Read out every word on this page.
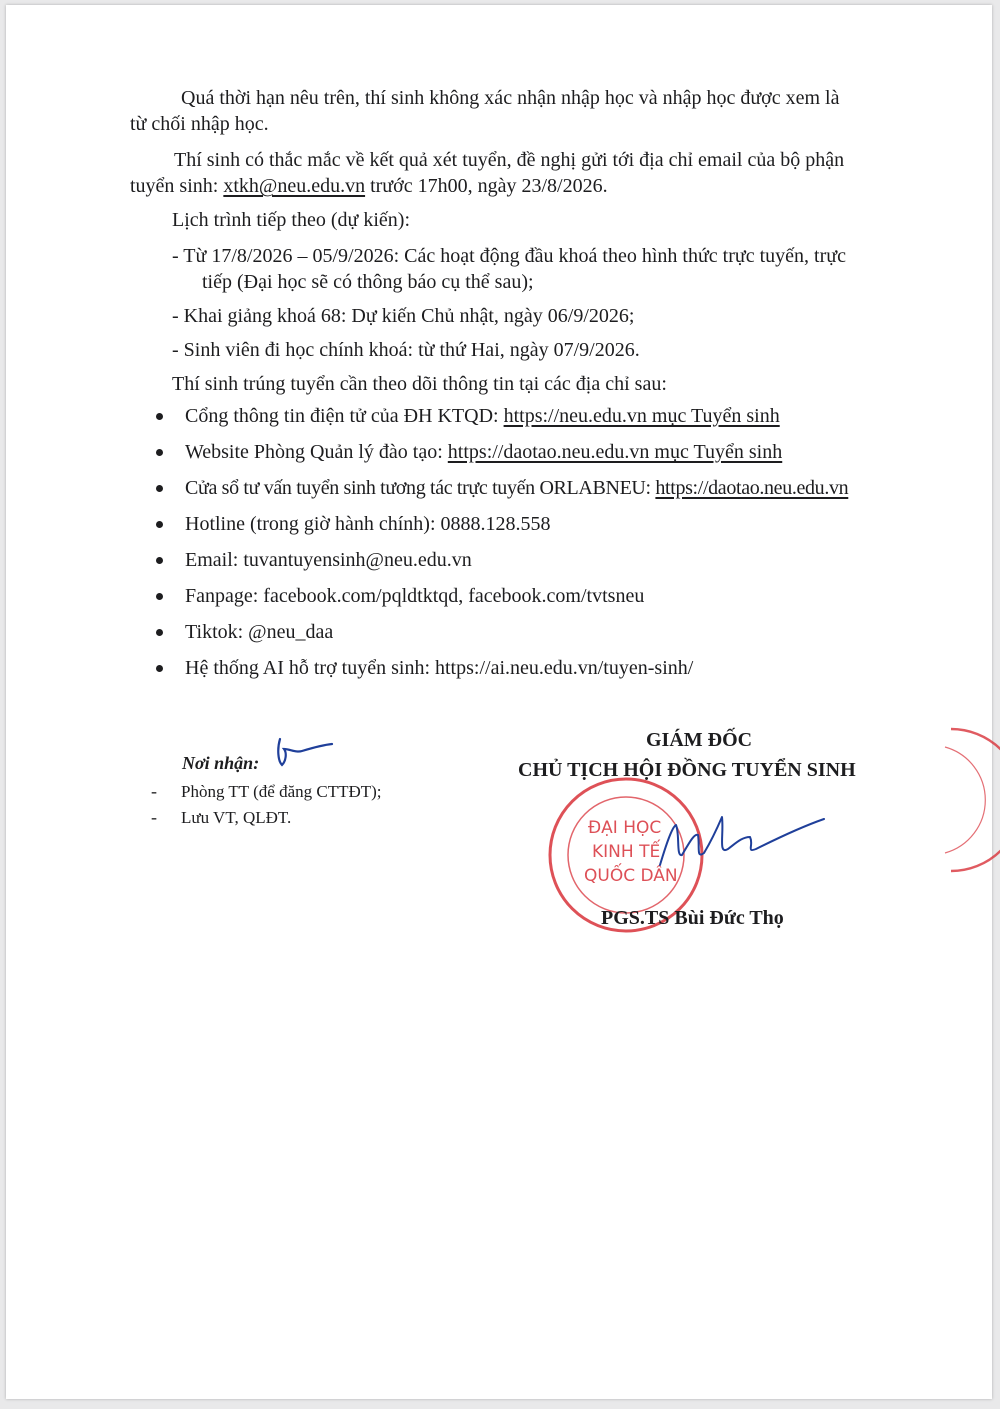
Quá thời hạn nêu trên, thí sinh không xác nhận nhập học và nhập học được xem là
từ chối nhập học.
Thí sinh có thắc mắc về kết quả xét tuyển, đề nghị gửi tới địa chỉ email của bộ phận
tuyển sinh: xtkh@neu.edu.vn trước 17h00, ngày 23/8/2026.
Lịch trình tiếp theo (dự kiến):
- Từ 17/8/2026 – 05/9/2026: Các hoạt động đầu khoá theo hình thức trực tuyến, trực
tiếp (Đại học sẽ có thông báo cụ thể sau);
- Khai giảng khoá 68: Dự kiến Chủ nhật, ngày 06/9/2026;
- Sinh viên đi học chính khoá: từ thứ Hai, ngày 07/9/2026.
Thí sinh trúng tuyển cần theo dõi thông tin tại các địa chỉ sau:
Cổng thông tin điện tử của ĐH KTQD: https://neu.edu.vn mục Tuyển sinh
Website Phòng Quản lý đào tạo: https://daotao.neu.edu.vn mục Tuyển sinh
Cửa sổ tư vấn tuyển sinh tương tác trực tuyến ORLABNEU: https://daotao.neu.edu.vn
Hotline (trong giờ hành chính): 0888.128.558
Email: tuvantuyensinh@neu.edu.vn
Fanpage: facebook.com/pqldtktqd, facebook.com/tvtsneu
Tiktok: @neu_daa
Hệ thống AI hỗ trợ tuyển sinh: https://ai.neu.edu.vn/tuyen-sinh/
Nơi nhận:
- Phòng TT (để đăng CTTĐT);
- Lưu VT, QLĐT.
GIÁM ĐỐC
CHỦ TỊCH HỘI ĐỒNG TUYỂN SINH
ĐẠI HỌC
KINH TẾ
QUỐC DÂN
PGS.TS Bùi Đức Thọ
